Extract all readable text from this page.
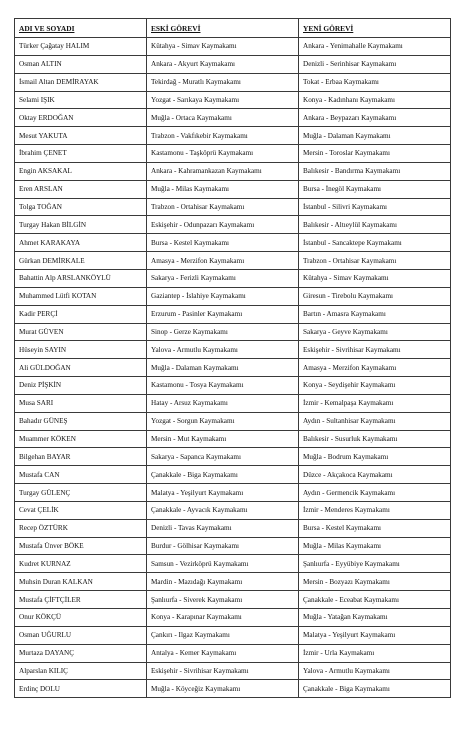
ADI VE SOYADI	ESKİ GÖREVİ	YENİ GÖREVİ
Türker Çağatay HALIM	Kütahya - Simav Kaymakamı	Ankara - Yenimahalle Kaymakamı
Osman ALTIN	Ankara - Akyurt Kaymakamı	Denizli - Serinhisar Kaymakamı
İsmail Altan DEMİRAYAK	Tekirdağ - Muratlı Kaymakamı	Tokat - Erbaa Kaymakamı
Selami IŞIK	Yozgat - Sarıkaya Kaymakamı	Konya - Kadınhanı Kaymakamı
Oktay ERDOĞAN	Muğla - Ortaca Kaymakamı	Ankara - Beypazarı Kaymakamı
Mesut YAKUTA	Trabzon - Vakfıkebir Kaymakamı	Muğla - Dalaman Kaymakamı
İbrahim ÇENET	Kastamonu - Taşköprü Kaymakamı	Mersin - Toroslar Kaymakamı
Engin AKSAKAL	Ankara - Kahramankazan Kaymakamı	Balıkesir - Bandırma Kaymakamı
Eren ARSLAN	Muğla - Milas Kaymakamı	Bursa - İnegöl Kaymakamı
Tolga TOĞAN	Trabzon - Ortahisar Kaymakamı	İstanbul - Silivri Kaymakamı
Turgay Hakan BİLGİN	Eskişehir - Odunpazarı Kaymakamı	Balıkesir - Altıeylül Kaymakamı
Ahmet KARAKAYA	Bursa - Kestel Kaymakamı	İstanbul - Sancaktepe Kaymakamı
Gürkan DEMİRKALE	Amasya - Merzifon Kaymakamı	Trabzon - Ortahisar Kaymakamı
Bahattin Alp ARSLANKÖYLÜ	Sakarya - Ferizli Kaymakamı	Kütahya - Simav Kaymakamı
Muhammed Lütfi KOTAN	Gaziantep - İslahiye Kaymakamı	Giresun - Tirebolu Kaymakamı
Kadir PERÇİ	Erzurum - Pasinler Kaymakamı	Bartın - Amasra Kaymakamı
Murat GÜVEN	Sinop - Gerze Kaymakamı	Sakarya - Geyve Kaymakamı
Hüseyin SAYIN	Yalova - Armutlu Kaymakamı	Eskişehir - Sivrihisar Kaymakamı
Ali GÜLDOĞAN	Muğla - Dalaman Kaymakamı	Amasya - Merzifon Kaymakamı
Deniz PİŞKİN	Kastamonu - Tosya Kaymakamı	Konya - Seydişehir Kaymakamı
Musa SARI	Hatay - Arsuz Kaymakamı	İzmir - Kemalpaşa Kaymakamı
Bahadır GÜNEŞ	Yozgat - Sorgun Kaymakamı	Aydın - Sultanhisar Kaymakamı
Muammer KÖKEN	Mersin - Mut Kaymakamı	Balıkesir - Susurluk Kaymakamı
Bilgehan BAYAR	Sakarya - Sapanca Kaymakamı	Muğla - Bodrum Kaymakamı
Mustafa CAN	Çanakkale - Biga Kaymakamı	Düzce - Akçakoca Kaymakamı
Turgay GÜLENÇ	Malatya - Yeşilyurt Kaymakamı	Aydın - Germencik Kaymakamı
Cevat ÇELİK	Çanakkale - Ayvacık Kaymakamı	İzmir - Menderes Kaymakamı
Recep ÖZTÜRK	Denizli - Tavas Kaymakamı	Bursa - Kestel Kaymakamı
Mustafa Ünver BÖKE	Burdur - Gölhisar Kaymakamı	Muğla - Milas Kaymakamı
Kudret KURNAZ	Samsun - Vezirköprü Kaymakamı	Şanlıurfa - Eyyübiye Kaymakamı
Muhsin Duran KALKAN	Mardin - Mazıdağı Kaymakamı	Mersin - Bozyazı Kaymakamı
Mustafa ÇİFTÇİLER	Şanlıurfa - Siverek Kaymakamı	Çanakkale - Eceabat Kaymakamı
Onur KÖKÇÜ	Konya - Karapınar Kaymakamı	Muğla - Yatağan Kaymakamı
Osman UĞURLU	Çankırı - Ilgaz Kaymakamı	Malatya - Yeşilyurt Kaymakamı
Murtaza DAYANÇ	Antalya - Kemer Kaymakamı	İzmir - Urla Kaymakamı
Alparslan KILIÇ	Eskişehir - Sivrihisar Kaymakamı	Yalova - Armutlu Kaymakamı
Erdinç DOLU	Muğla - Köyceğiz Kaymakamı	Çanakkale - Biga Kaymakamı
